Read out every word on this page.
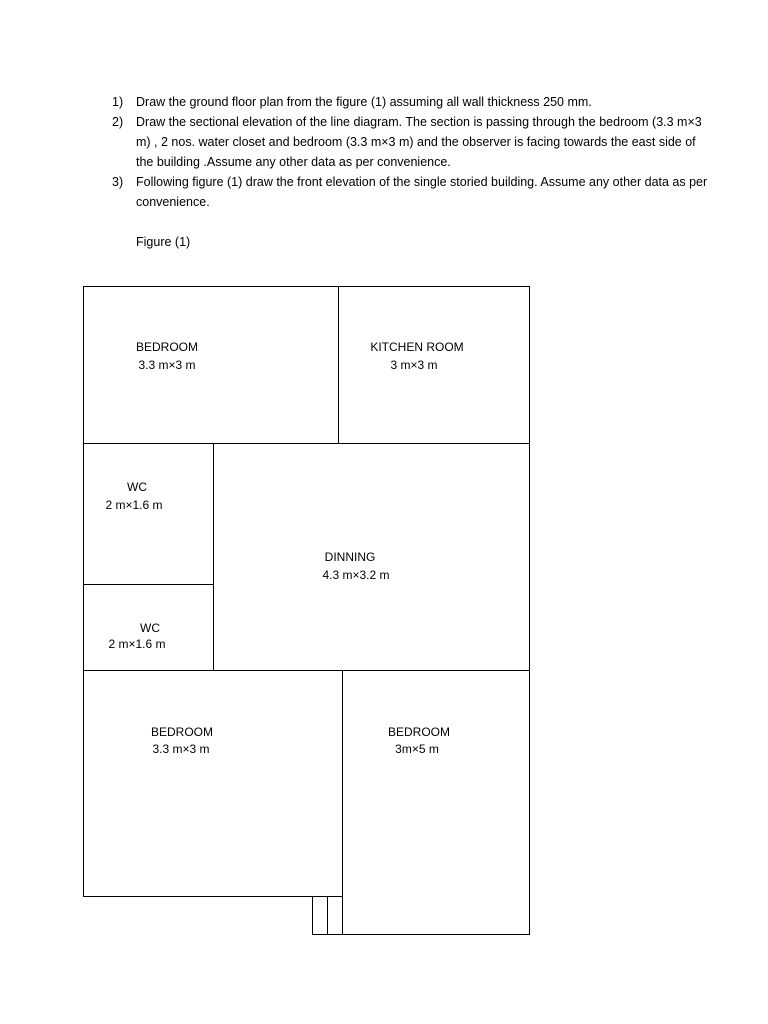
1) Draw the ground floor plan from the figure (1) assuming all wall thickness 250 mm.
2) Draw the sectional elevation of the line diagram. The section is passing through the bedroom (3.3 m×3 m) , 2 nos. water closet and bedroom (3.3 m×3 m) and the observer is facing towards the east side of the building .Assume any other data as per convenience.
3) Following figure (1) draw the front elevation of the single storied building. Assume any other data as per convenience.
Figure (1)
BEDROOM
3.3 m×3 m
KITCHEN ROOM
3 m×3 m
WC
2 m×1.6 m
WC
2 m×1.6 m
DINNING
4.3 m×3.2 m
BEDROOM
3.3 m×3 m
BEDROOM
3m×5 m
